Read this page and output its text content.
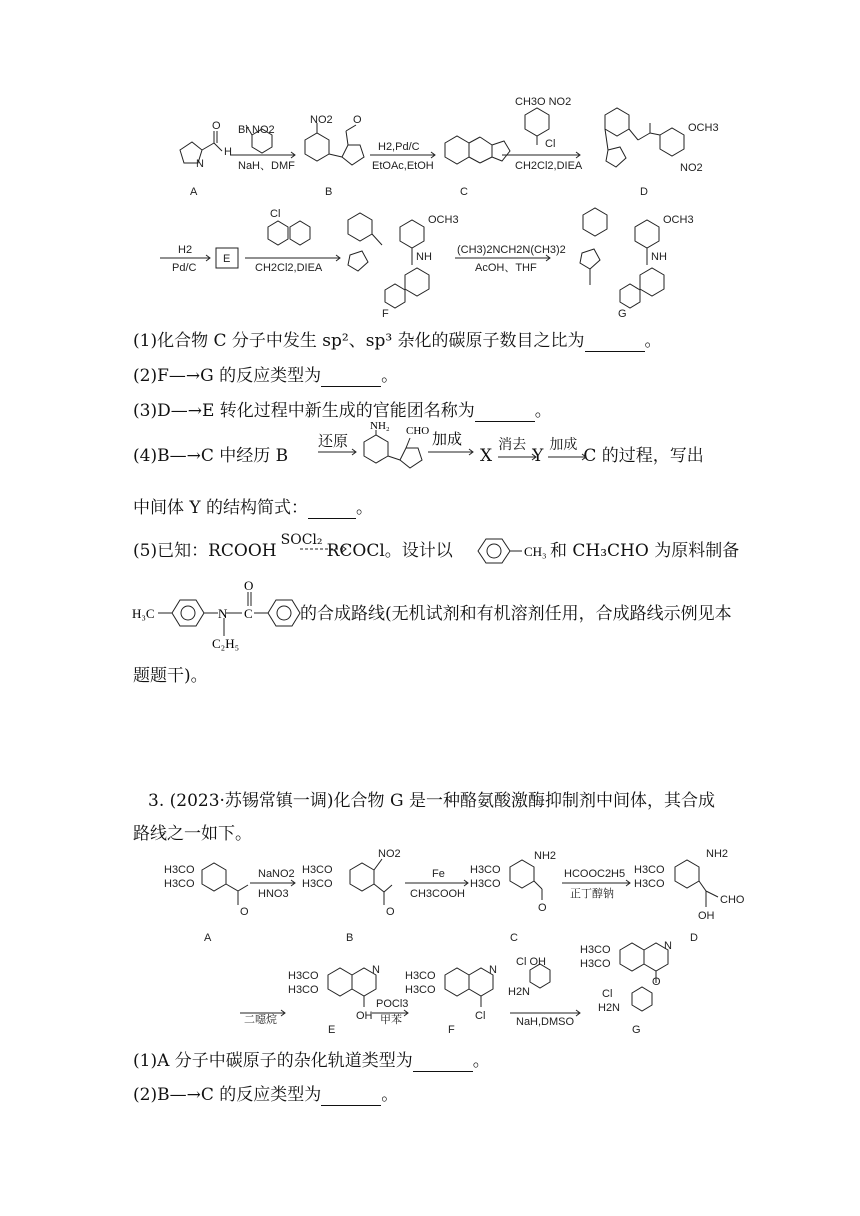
A	B	C	D
E
F	G
Br NO2
NaH、DMF
H2,Pd/C
EtOAc,EtOH
CH3O NO2
Cl
CH2Cl2,DIEA
H2
Pd/C
Cl
CH2Cl2,DIEA
(CH3)2NCH2N(CH3)2
AcOH、THF
N
O
H
NO2 O
OCH3
NO2
OCH3
NH
OCH3
NH
(1)化合物 C 分子中发生 sp²、sp³ 杂化的碳原子数目之比为	。
(2)F—→G 的反应类型为	。
(3)D—→E 转化过程中新生成的官能团名称为	。
(4)B—→C 中经历 B
还原
NH₂ CHO
加成
X
消去
Y
加成
C 的过程，写出
中间体 Y 的结构简式：	。
(5)已知：RCOOH
SOCl₂
RCOCl。设计以	CH₃ 和 CH₃CHO 为原料制备
H₃C	N
O
C
C₂H₅
的合成路线(无机试剂和有机溶剂任用，合成路线示例见本
题题干)。
3. (2023·苏锡常镇一调)化合物 G 是一种酪氨酸激酶抑制剂中间体，其合成
路线之一如下。
A	B	C	D
E	F	G
NaNO2
HNO3
Fe
CH3COOH
HCOOC2H5
正丁醇钠
二噁烷
POCl3
甲苯
Cl OH
H2N
NaH,DMSO
H3CO
H3CO
O
H3CO
H3CO
NO2
O
H3CO
H3CO
NH2
O
H3CO
H3CO
NH2
CHO
OH
H3CO
H3CO
N
OH
H3CO
H3CO
N
Cl
H3CO
H3CO
N
O
Cl
H2N
(1)A 分子中碳原子的杂化轨道类型为	。
(2)B—→C 的反应类型为	。
